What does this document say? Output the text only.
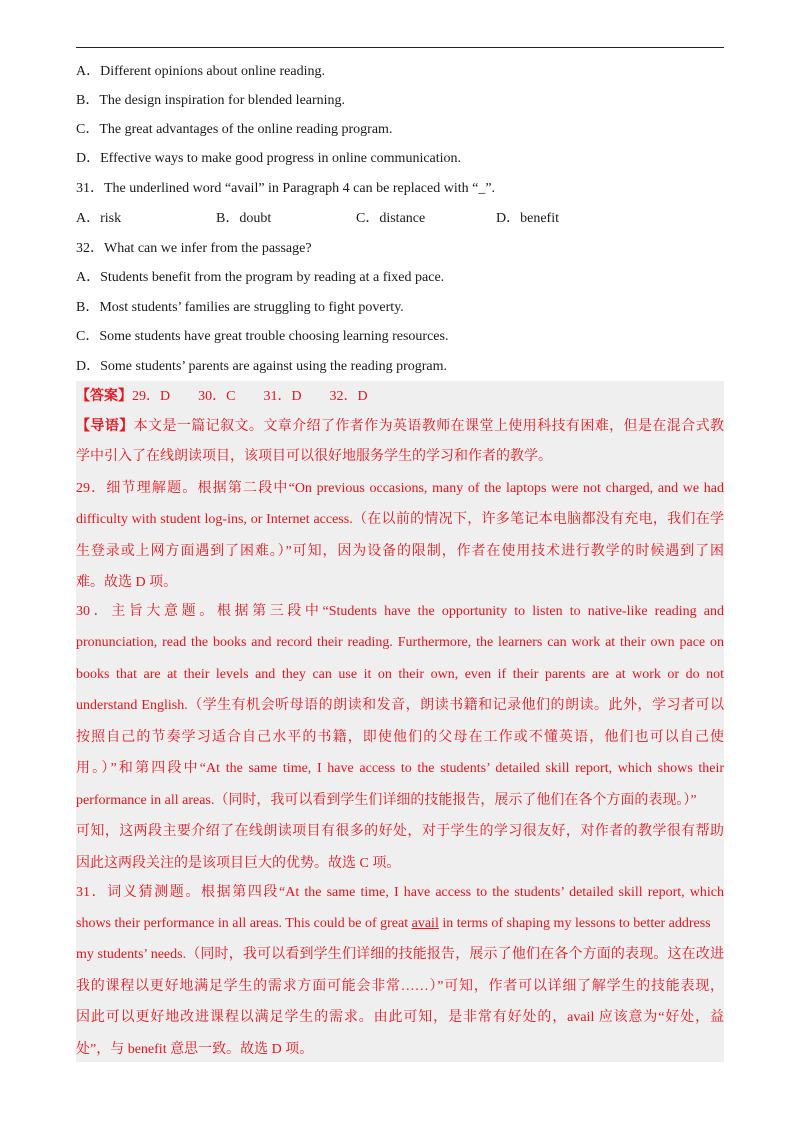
A．Different opinions about online reading.
B．The design inspiration for blended learning.
C．The great advantages of the online reading program.
D．Effective ways to make good progress in online communication.
31．The underlined word “avail” in Paragraph 4 can be replaced with “_”.
A．risk	B．doubt	C．distance	D．benefit
32．What can we infer from the passage?
A．Students benefit from the program by reading at a fixed pace.
B．Most students’ families are struggling to fight poverty.
C．Some students have great trouble choosing learning resources.
D．Some students’ parents are against using the reading program.
【答案】29．D　　30．C　　31．D　　32．D
【导语】本文是一篇记叙文。文章介绍了作者作为英语教师在课堂上使用科技有困难，但是在混合式教
学中引入了在线朗读项目，该项目可以很好地服务学生的学习和作者的教学。
29．细节理解题。根据第二段中“On previous occasions, many of the laptops were not charged, and we had
difficulty with student log-ins, or Internet access.（在以前的情况下，许多笔记本电脑都没有充电，我们在学
生登录或上网方面遇到了困难。）”可知，因为设备的限制，作者在使用技术进行教学的时候遇到了困
难。故选 D 项。
30．主旨大意题。根据第三段中“Students have the opportunity to listen to native-like reading and
pronunciation, read the books and record their reading. Furthermore, the learners can work at their own pace on
books that are at their levels and they can use it on their own, even if their parents are at work or do not
understand English.（学生有机会听母语的朗读和发音，朗读书籍和记录他们的朗读。此外，学习者可以
按照自己的节奏学习适合自己水平的书籍，即使他们的父母在工作或不懂英语，他们也可以自己使
用。）”和第四段中“At the same time, I have access to the students’ detailed skill report, which shows their
performance in all areas.（同时，我可以看到学生们详细的技能报告，展示了他们在各个方面的表现。）”
可知，这两段主要介绍了在线朗读项目有很多的好处，对于学生的学习很友好，对作者的教学很有帮助
因此这两段关注的是该项目巨大的优势。故选 C 项。
31．词义猜测题。根据第四段“At the same time, I have access to the students’ detailed skill report, which
shows their performance in all areas. This could be of great avail in terms of shaping my lessons to better address
my students’ needs.（同时，我可以看到学生们详细的技能报告，展示了他们在各个方面的表现。这在改进
我的课程以更好地满足学生的需求方面可能会非常……）”可知，作者可以详细了解学生的技能表现，
因此可以更好地改进课程以满足学生的需求。由此可知，是非常有好处的，avail 应该意为“好处，益
处”，与 benefit 意思一致。故选 D 项。
